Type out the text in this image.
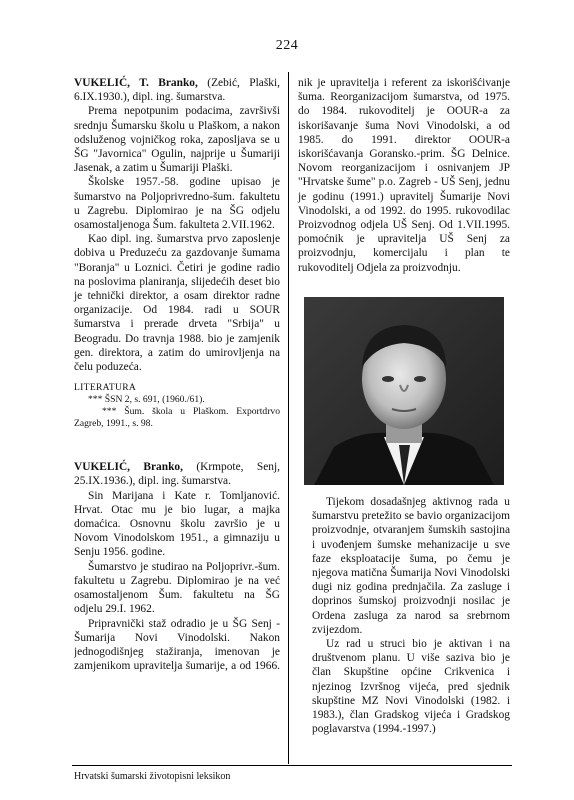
224

VUKELIĆ, T. Branko, (Zebić, Plaški, 6.IX.1930.), dipl. ing. šumarstva.

Prema nepotpunim podacima, završivši srednju Šumarsku školu u Plaškom, a nakon odsluženog vojničkog roka, zaposljava se u ŠG "Javornica" Ogulin, najprije u Šumariji Jasenak, a zatim u Šumariji Plaški.

Školske 1957.-58. godine upisao je šumarstvo na Poljoprivredno-šum. fakultetu u Zagrebu. Diplomirao je na ŠG odjelu osamostaljenoga Šum. fakulteta 2.VII.1962.

Kao dipl. ing. šumarstva prvo zaposlenje dobiva u Preduzeću za gazdovanje šumama "Boranja" u Loznici. Četiri je godine radio na poslovima planiranja, slijedećih deset bio je tehnički direktor, a osam direktor radne organizacije. Od 1984. radi u SOUR šumarstva i prerade drveta "Srbija" u Beogradu. Do travnja 1988. bio je zamjenik gen. direktora, a zatim do umirovljenja na čelu poduzeća.

LITERATURA

*** ŠSN 2, s. 691, (1960./61).

*** Šum. škola u Plaškom. Exportdrvo Zagreb, 1991., s. 98.

VUKELIĆ, Branko, (Krmpote, Senj, 25.IX.1936.), dipl. ing. šumarstva.

Sin Marijana i Kate r. Tomljanović. Hrvat. Otac mu je bio lugar, a majka domaćica. Osnovnu školu završio je u Novom Vinodolskom 1951., a gimnaziju u Senju 1956. godine.

Šumarstvo je studirao na Poljoprivr.-šum. fakultetu u Zagrebu. Diplomirao je na već osamostaljenom Šum. fakultetu na ŠG odjelu 29.I. 1962.

Pripravnički staž odradio je u ŠG Senj - Šumarija Novi Vinodolski. Nakon jednogodišnjeg stažiranja, imenovan je zamjenikom upravitelja šumarije, a od 1966.

nik je upravitelja i referent za iskorišćivanje šuma. Reorganizacijom šumarstva, od 1975. do 1984. rukovoditelj je OOUR-a za iskorišavanje šuma Novi Vinodolski, a od 1985. do 1991. direktor OOUR-a iskorišćavanja Goransko.-prim. ŠG Delnice. Novom reorganizacijom i osnivanjem JP "Hrvatske šume" p.o. Zagreb - UŠ Senj, jednu je godinu (1991.) upravitelj Šumarije Novi Vinodolski, a od 1992. do 1995. rukovodilac Proizvodnog odjela UŠ Senj. Od 1.VII.1995. pomoćnik je upravitelja UŠ Senj za proizvodnju, komercijalu i plan te rukovoditelj Odjela za proizvodnju.

Tijekom dosadašnjeg aktivnog rada u šumarstvu pretežito se bavio organizacijom proizvodnje, otvaranjem šumskih sastojina i uvođenjem šumske mehanizacije u sve faze eksploatacije šuma, po čemu je njegova matična Šumarija Novi Vinodolski dugi niz godina prednjačila. Za zasluge i doprinos šumskoj proizvodnji nosilac je Ordena zasluga za narod sa srebrnom zvijezdom.

Uz rad u struci bio je aktivan i na društvenom planu. U više saziva bio je član Skupštine općine Crikvenica i njezinog Izvršnog vijeća, pred sjednik skupštine MZ Novi Vinodolski (1982. i 1983.), član Gradskog vijeća i Gradskog poglavarstva (1994.-1997.)

Hrvatski šumarski životopisni leksikon
